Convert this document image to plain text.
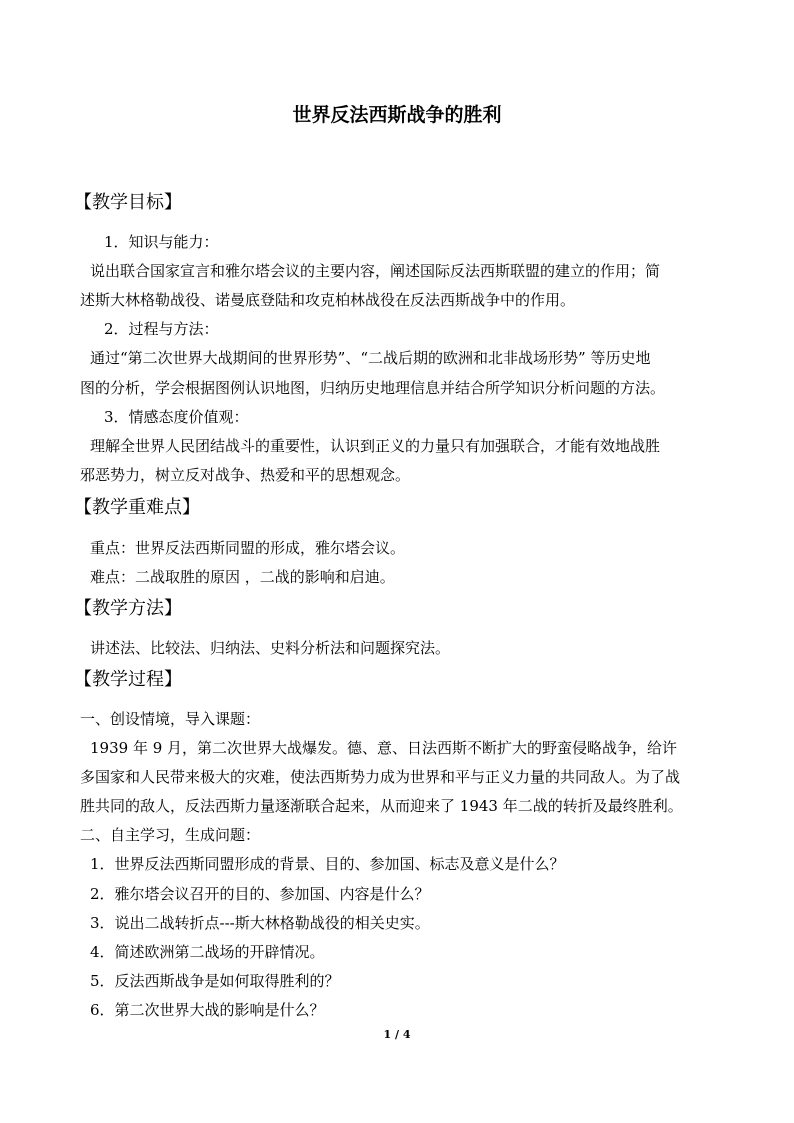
世界反法西斯战争的胜利
【教学目标】
1．知识与能力：
说出联合国家宣言和雅尔塔会议的主要内容，阐述国际反法西斯联盟的建立的作用；简
述斯大林格勒战役、诺曼底登陆和攻克柏林战役在反法西斯战争中的作用。
2．过程与方法：
通过“第二次世界大战期间的世界形势”、“二战后期的欧洲和北非战场形势” 等历史地
图的分析，学会根据图例认识地图，归纳历史地理信息并结合所学知识分析问题的方法。
3．情感态度价值观：
理解全世界人民团结战斗的重要性，认识到正义的力量只有加强联合，才能有效地战胜
邪恶势力，树立反对战争、热爱和平的思想观念。
【教学重难点】
重点：世界反法西斯同盟的形成，雅尔塔会议。
难点：二战取胜的原因 ，二战的影响和启迪。
【教学方法】
讲述法、比较法、归纳法、史料分析法和问题探究法。
【教学过程】
一、创设情境，导入课题：
1939 年 9 月，第二次世界大战爆发。德、意、日法西斯不断扩大的野蛮侵略战争，给许
多国家和人民带来极大的灾难，使法西斯势力成为世界和平与正义力量的共同敌人。为了战
胜共同的敌人，反法西斯力量逐渐联合起来，从而迎来了 1943 年二战的转折及最终胜利。
二、自主学习，生成问题：
1．世界反法西斯同盟形成的背景、目的、参加国、标志及意义是什么？
2．雅尔塔会议召开的目的、参加国、内容是什么？
3．说出二战转折点---斯大林格勒战役的相关史实。
4．简述欧洲第二战场的开辟情况。
5．反法西斯战争是如何取得胜利的？
6．第二次世界大战的影响是什么？
1 / 4
